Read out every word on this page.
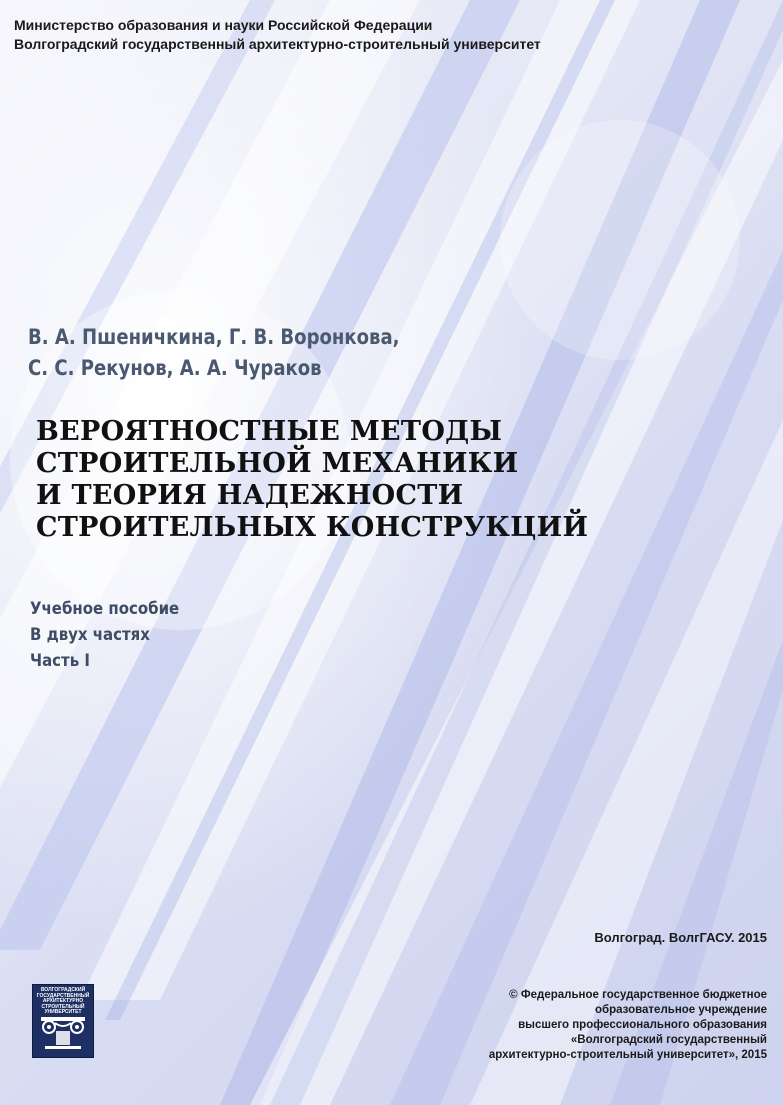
Министерство образования и науки Российской Федерации
Волгоградский государственный архитектурно-строительный университет
В. А. Пшеничкина, Г. В. Воронкова,
С. С. Рекунов, А. А. Чураков
ВЕРОЯТНОСТНЫЕ МЕТОДЫ
СТРОИТЕЛЬНОЙ МЕХАНИКИ
И ТЕОРИЯ НАДЕЖНОСТИ
СТРОИТЕЛЬНЫХ КОНСТРУКЦИЙ
Учебное пособие
В двух частях
Часть I
Волгоград. ВолгГАСУ. 2015
© Федеральное государственное бюджетное
образовательное учреждение
высшего профессионального образования
«Волгоградский государственный
архитектурно-строительный университет», 2015
ВОЛГОГРАДСКИЙ ГОСУДАРСТВЕННЫЙ АРХИТЕКТУРНО СТРОИТЕЛЬНЫЙ УНИВЕРСИТЕТ
